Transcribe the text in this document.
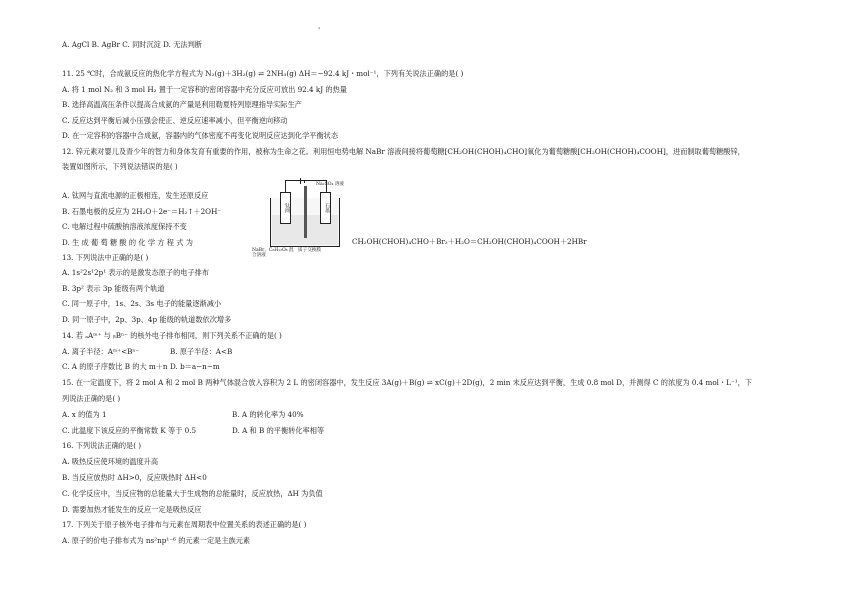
'
A. AgCl B. AgBr C. 同时沉淀 D. 无法判断
11. 25 ℃时，合成氨反应的热化学方程式为 N₂(g)＋3H₂(g) ⇌ 2NH₃(g) ΔH＝−92.4 kJ・mol⁻¹，下列有关说法正确的是( )
A. 将 1 mol N₂ 和 3 mol H₂ 置于一定容积的密闭容器中充分反应可放出 92.4 kJ 的热量
B. 选择高温高压条件以提高合成氨的产量是利用勒夏特列原理指导实际生产
C. 反应达到平衡后减小压强会使正、逆反应速率减小，但平衡逆向移动
D. 在一定容积的容器中合成氨，容器内的气体密度不再变化说明反应达到化学平衡状态
12. 锌元素对婴儿及青少年的智力和身体发育有重要的作用，被称为生命之花。利用恒电势电解 NaBr 溶液间接将葡萄糖[CH₂OH(CHOH)₄CHO]氧化为葡萄糖酸[CH₂OH(CHOH)₄COOH]，进而制取葡萄糖酸锌，
装置如图所示，下列说法错误的是( )
A. 钛网与直流电源的正极相连，发生还原反应
B. 石墨电极的反应为 2H₂O＋2e⁻＝H₂↑＋2OH⁻
C. 电解过程中硫酸钠溶液浓度保持不变
D. 生 成 葡 萄 糖 酸 的 化 学 方 程 式 为	CH₂OH(CHOH)₄CHO＋Br₂＋H₂O＝CH₂OH(CHOH)₄COOH＋2HBr
钛网	石墨
Na₂SO₄ 溶液
NaBr、C₆H₁₂O₆ 混合溶液
质子交换膜
13. 下列说法中正确的是( )
A. 1s²2s¹2p¹ 表示的是激发态原子的电子排布
B. 3p² 表示 3p 能级有两个轨道
C. 同一原子中，1s、2s、3s 电子的能量逐渐减小
D. 同一原子中，2p、3p、4p 能级的轨道数依次增多
14. 若 ₐAᵐ⁺ 与 ᵦBⁿ⁻ 的核外电子排布相同，则下列关系不正确的是( )
A. 离子半径：Aᵐ⁺<Bⁿ⁻	B. 原子半径：A<B
C. A 的原子序数比 B 的大 m＋n D. b＝a−n−m
15. 在一定温度下，将 2 mol A 和 2 mol B 两种气体混合放入容积为 2 L 的密闭容器中，发生反应 3A(g)＋B(g) ⇌ xC(g)＋2D(g)，2 min 末反应达到平衡，生成 0.8 mol D，并测得 C 的浓度为 0.4 mol・L⁻¹，下
列说法正确的是( )
A. x 的值为 1	B. A 的转化率为 40%
C. 此温度下该反应的平衡常数 K 等于 0.5	D. A 和 B 的平衡转化率相等
16. 下列说法正确的是( )
A. 吸热反应使环境的温度升高
B. 当反应放热时 ΔH>0，反应吸热时 ΔH<0
C. 化学反应中，当反应物的总能量大于生成物的总能量时，反应放热，ΔH 为负值
D. 需要加热才能发生的反应一定是吸热反应
17. 下列关于原子核外电子排布与元素在周期表中位置关系的表述正确的是( )
A. 原子的价电子排布式为 ns²np¹⁻⁶ 的元素一定是主族元素
